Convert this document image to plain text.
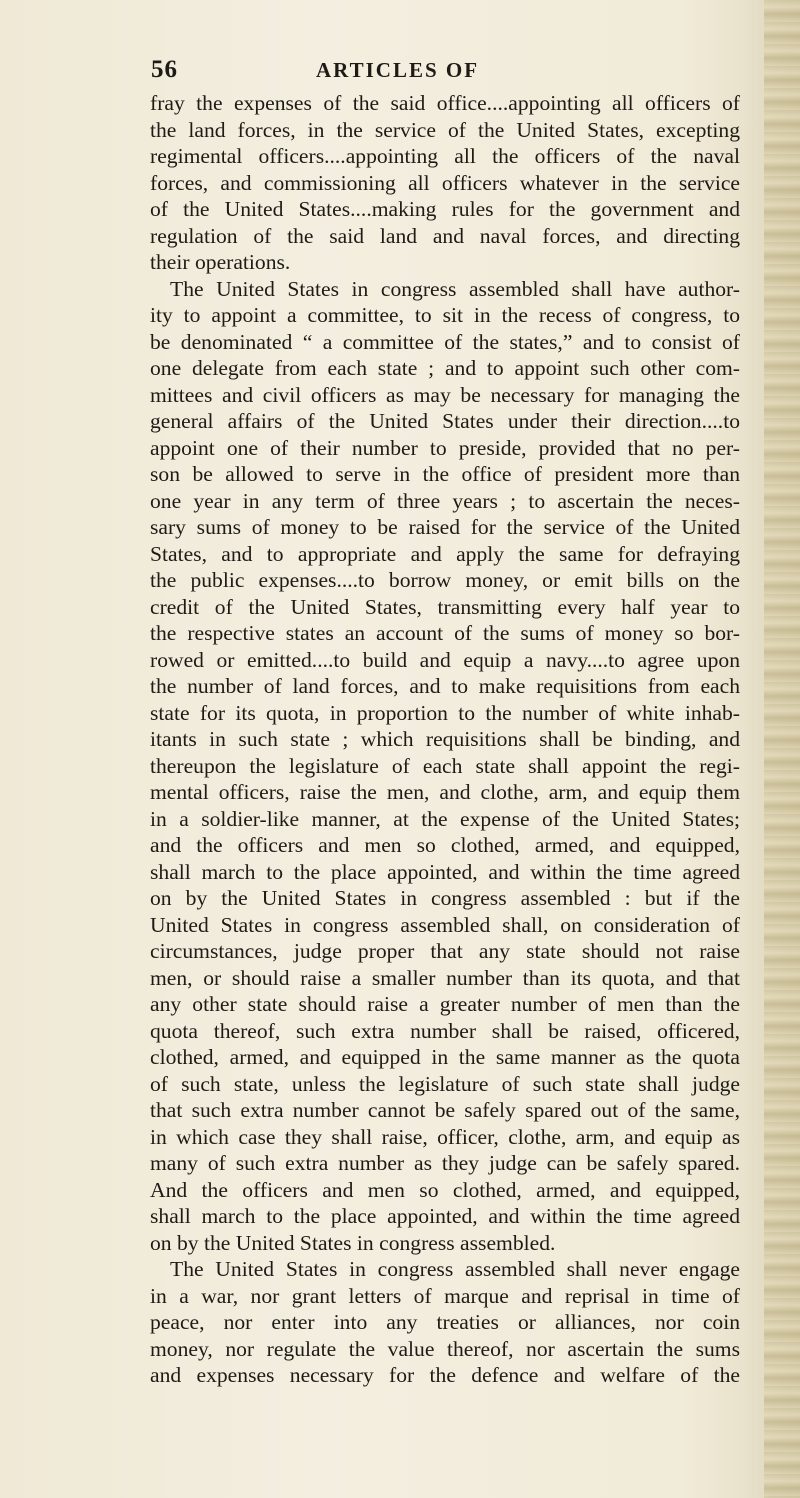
56	ARTICLES OF
fray the expenses of the said office....appointing all officers of
the land forces, in the service of the United States, excepting
regimental officers....appointing all the officers of the naval
forces, and commissioning all officers whatever in the service
of the United States....making rules for the government and
regulation of the said land and naval forces, and directing
their operations.
The United States in congress assembled shall have author-
ity to appoint a committee, to sit in the recess of congress, to
be denominated “ a committee of the states,” and to consist of
one delegate from each state ; and to appoint such other com-
mittees and civil officers as may be necessary for managing the
general affairs of the United States under their direction....to
appoint one of their number to preside, provided that no per-
son be allowed to serve in the office of president more than
one year in any term of three years ; to ascertain the neces-
sary sums of money to be raised for the service of the United
States, and to appropriate and apply the same for defraying
the public expenses....to borrow money, or emit bills on the
credit of the United States, transmitting every half year to
the respective states an account of the sums of money so bor-
rowed or emitted....to build and equip a navy....to agree upon
the number of land forces, and to make requisitions from each
state for its quota, in proportion to the number of white inhab-
itants in such state ; which requisitions shall be binding, and
thereupon the legislature of each state shall appoint the regi-
mental officers, raise the men, and clothe, arm, and equip them
in a soldier-like manner, at the expense of the United States;
and the officers and men so clothed, armed, and equipped,
shall march to the place appointed, and within the time agreed
on by the United States in congress assembled : but if the
United States in congress assembled shall, on consideration of
circumstances, judge proper that any state should not raise
men, or should raise a smaller number than its quota, and that
any other state should raise a greater number of men than the
quota thereof, such extra number shall be raised, officered,
clothed, armed, and equipped in the same manner as the quota
of such state, unless the legislature of such state shall judge
that such extra number cannot be safely spared out of the same,
in which case they shall raise, officer, clothe, arm, and equip as
many of such extra number as they judge can be safely spared.
And the officers and men so clothed, armed, and equipped,
shall march to the place appointed, and within the time agreed
on by the United States in congress assembled.
The United States in congress assembled shall never engage
in a war, nor grant letters of marque and reprisal in time of
peace, nor enter into any treaties or alliances, nor coin
money, nor regulate the value thereof, nor ascertain the sums
and expenses necessary for the defence and welfare of the
